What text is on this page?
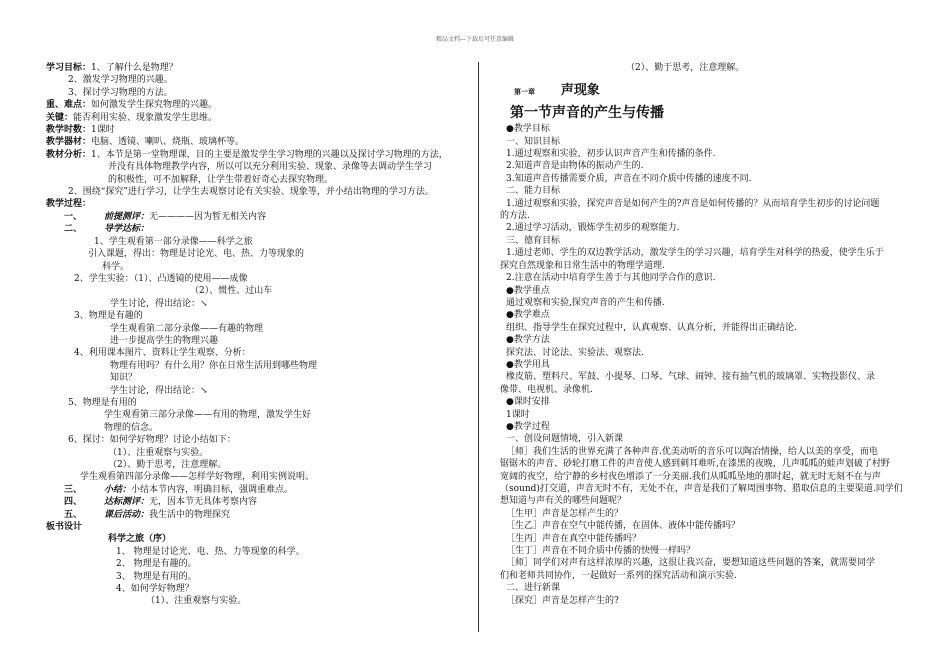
精品文档---下载后可任意编辑
学习目标：1、了解什么是物理？
2、激发学习物理的兴趣。
3、探讨学习物理的方法。
重、难点：如何激发学生探究物理的兴趣。
关键：能否利用实验、现象激发学生思维。
教学时数：1课时
教学器材：电脑、透镜、喇叭、烧瓶、玻璃杯等。
教材分析：1、本节是第一堂物理课，目的主要是激发学生学习物理的兴趣以及探讨学习物理的方法，
并没有具体物理教学内容，所以可以充分利用实验、现象、录像等去调动学生学习
的积极性，可不加解释，让学生带着好奇心去探究物理。
2、围绕“探究”进行学习，让学生去观察讨论有关实验、现象等，并小结出物理的学习方法。
教学过程：
一、 前提测评：无————因为暂无相关内容
二、 导学达标：
1、学生观看第一部分录像——科学之旅
引入课题，得出：物理是讨论光、电、热、力等现象的
科学。
2、学生实验：（1）、凸透镜的使用——成像
（2）、惯性、过山车
学生讨论，得出结论：↘
3、物理是有趣的
学生观看第二部分录像——有趣的物理
进一步提高学生的物理兴趣
4、利用课本图片、资料让学生观察、分析：
物理有用吗？有什么用？你在日常生活用到哪些物理
知识？
学生讨论，得出结论：↘
5、物理是有用的
学生观看第三部分录像——有用的物理，激发学生好
物理的信念。
6、探讨：如何学好物理？讨论小结如下：
（1）、注重观察与实验。
（2）、勤于思考，注意理解。
学生观看第四部分录像——怎样学好物理，利用实例说明。
三、 小结：小结本节内容，明确目标，强调重难点。
四、 达标测评：无，因本节无具体考察内容
五、 课后活动：我生活中的物理探究
板书设计
科学之旅（序）
1、 物理是讨论光、电、热、力等现象的科学。
2、 物理是有趣的。
3、 物理是有用的。
4、如何学好物理？
（1）、注重观察与实验。
（2）、勤于思考，注意理解。
第一章 声现象
第一节声音的产生与传播
●教学目标
一、知识目标
1.通过观察和实验，初步认识声音产生和传播的条件.
2.知道声音是由物体的振动产生的.
3.知道声音传播需要介质，声音在不同介质中传播的速度不同.
二、能力目标
1.通过观察和实验，探究声音是如何产生的?声音是如何传播的？从而培育学生初步的讨论问题
的方法.
2.通过学习活动，锻炼学生初步的观察能力.
三、德育目标
1.通过老师、学生的双边教学活动，激发学生的学习兴趣，培育学生对科学的热爱，使学生乐于
探究自然现象和日常生活中的物理学道理.
2.注意在活动中培育学生善于与其他同学合作的意识.
●教学重点
通过观察和实验,探究声音的产生和传播.
●教学难点
组织、指导学生在探究过程中，认真观察、认真分析，并能得出正确结论.
●教学方法
探究法、讨论法、实验法、观察法.
●教学用具
橡皮筋、塑料尺、军鼓、小提琴、口琴、气球、闹钟、接有抽气机的玻璃罩、实物投影仪、录
像带、电视机、录像机.
●课时安排
1课时
●教学过程
一、创设问题情境，引入新课
［师］我们生活的世界充满了各种声音.优美动听的音乐可以陶冶情操，给人以美的享受，而电
锯锯木的声音、砂轮打磨工件的声音使人感到刺耳难听,在漆黑的夜晚，几声呱呱的蛙声划破了村野
宽阔的夜空，给宁静的乡村夜色增添了一分美丽.我们从呱呱坠地的那时起，就无时无刻不在与声
（sound)打交道，声音无时不有，无处不在，声音是我们了解周围事物、猎取信息的主要渠道.同学们
想知道与声有关的哪些问题呢？
［生甲］声音是怎样产生的？
［生乙］声音在空气中能传播，在固体、液体中能传播吗？
［生丙］声音在真空中能传播吗？
［生丁］声音在不同介质中传播的快慢一样吗？
［师］同学们对声有这样浓厚的兴趣，这很让我兴奋，要想知道这些问题的答案，就需要同学
们和老师共同协作，一起做好一系列的探究活动和演示实验.
二、进行新课
［探究］声音是怎样产生的?
